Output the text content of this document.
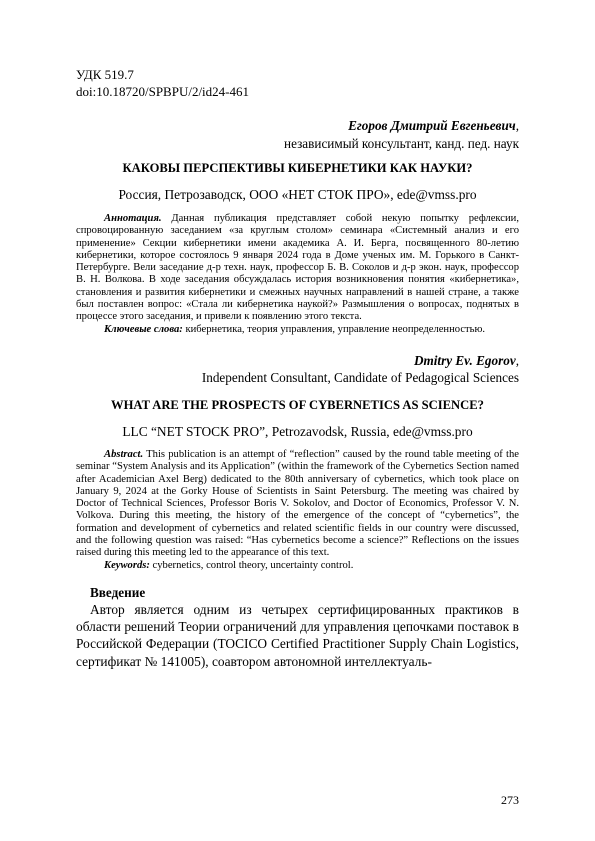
УДК 519.7
doi:10.18720/SPBPU/2/id24-461
Егоров Дмитрий Евгеньевич,
независимый консультант, канд. пед. наук
КАКОВЫ ПЕРСПЕКТИВЫ КИБЕРНЕТИКИ КАК НАУКИ?
Россия, Петрозаводск, ООО «НЕТ СТОК ПРО», ede@vmss.pro
Аннотация. Данная публикация представляет собой некую попытку рефлексии, спровоцированную заседанием «за круглым столом» семинара «Системный анализ и его применение» Секции кибернетики имени академика А. И. Берга, посвященного 80-летию кибернетики, которое состоялось 9 января 2024 года в Доме ученых им. М. Горького в Санкт-Петербурге. Вели заседание д-р техн. наук, профессор Б. В. Соколов и д-р экон. наук, профессор В. Н. Волкова. В ходе заседания обсуждалась история возникновения понятия «кибернетика», становления и развития кибернетики и смежных научных направлений в нашей стране, а также был поставлен вопрос: «Стала ли кибернетика наукой?» Размышления о вопросах, поднятых в процессе этого заседания, и привели к появлению этого текста.
Ключевые слова: кибернетика, теория управления, управление неопределенностью.
Dmitry Ev. Egorov,
Independent Consultant, Candidate of Pedagogical Sciences
WHAT ARE THE PROSPECTS OF CYBERNETICS AS SCIENCE?
LLC “NET STOCK PRO”, Petrozavodsk, Russia, ede@vmss.pro
Abstract. This publication is an attempt of “reflection” caused by the round table meeting of the seminar “System Analysis and its Application” (within the framework of the Cybernetics Section named after Academician Axel Berg) dedicated to the 80th anniversary of cybernetics, which took place on January 9, 2024 at the Gorky House of Scientists in Saint Petersburg. The meeting was chaired by Doctor of Technical Sciences, Professor Boris V. Sokolov, and Doctor of Economics, Professor V. N. Volkova. During this meeting, the history of the emergence of the concept of “cybernetics”, the formation and development of cybernetics and related scientific fields in our country were discussed, and the following question was raised: “Has cybernetics become a science?” Reflections on the issues raised during this meeting led to the appearance of this text.
Keywords: cybernetics, control theory, uncertainty control.
Введение
Автор является одним из четырех сертифицированных практиков в области решений Теории ограничений для управления цепочками поставок в Российской Федерации (TOCICO Certified Practitioner Supply Chain Logistics, сертификат № 141005), соавтором автономной интеллектуаль-
273
